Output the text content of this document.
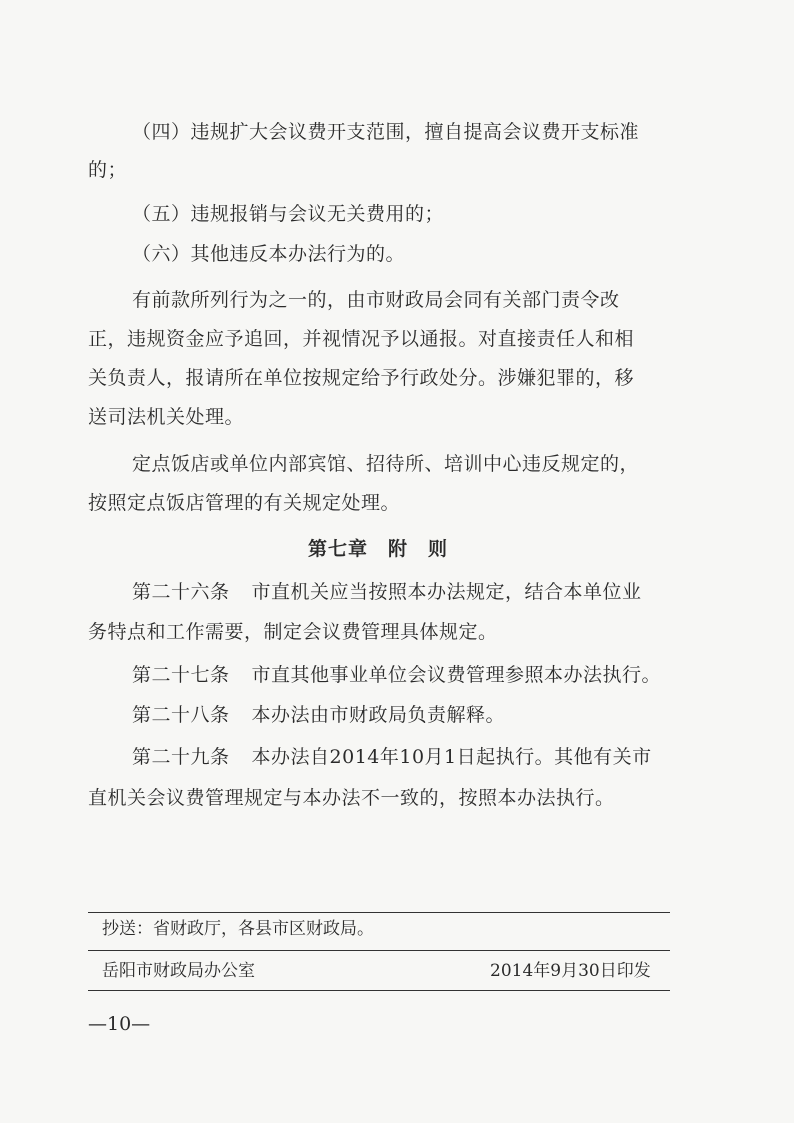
（四）违规扩大会议费开支范围，擅自提高会议费开支标准
的；
（五）违规报销与会议无关费用的；
（六）其他违反本办法行为的。
有前款所列行为之一的，由市财政局会同有关部门责令改
正，违规资金应予追回，并视情况予以通报。对直接责任人和相
关负责人，报请所在单位按规定给予行政处分。涉嫌犯罪的，移
送司法机关处理。
定点饭店或单位内部宾馆、招待所、培训中心违反规定的，
按照定点饭店管理的有关规定处理。
第七章　附　则
第二十六条 市直机关应当按照本办法规定，结合本单位业
务特点和工作需要，制定会议费管理具体规定。
第二十七条 市直其他事业单位会议费管理参照本办法执行。
第二十八条 本办法由市财政局负责解释。
第二十九条 本办法自2014年10月1日起执行。其他有关市
直机关会议费管理规定与本办法不一致的，按照本办法执行。
抄送：省财政厅，各县市区财政局。
岳阳市财政局办公室	2014年9月30日印发
—10—
